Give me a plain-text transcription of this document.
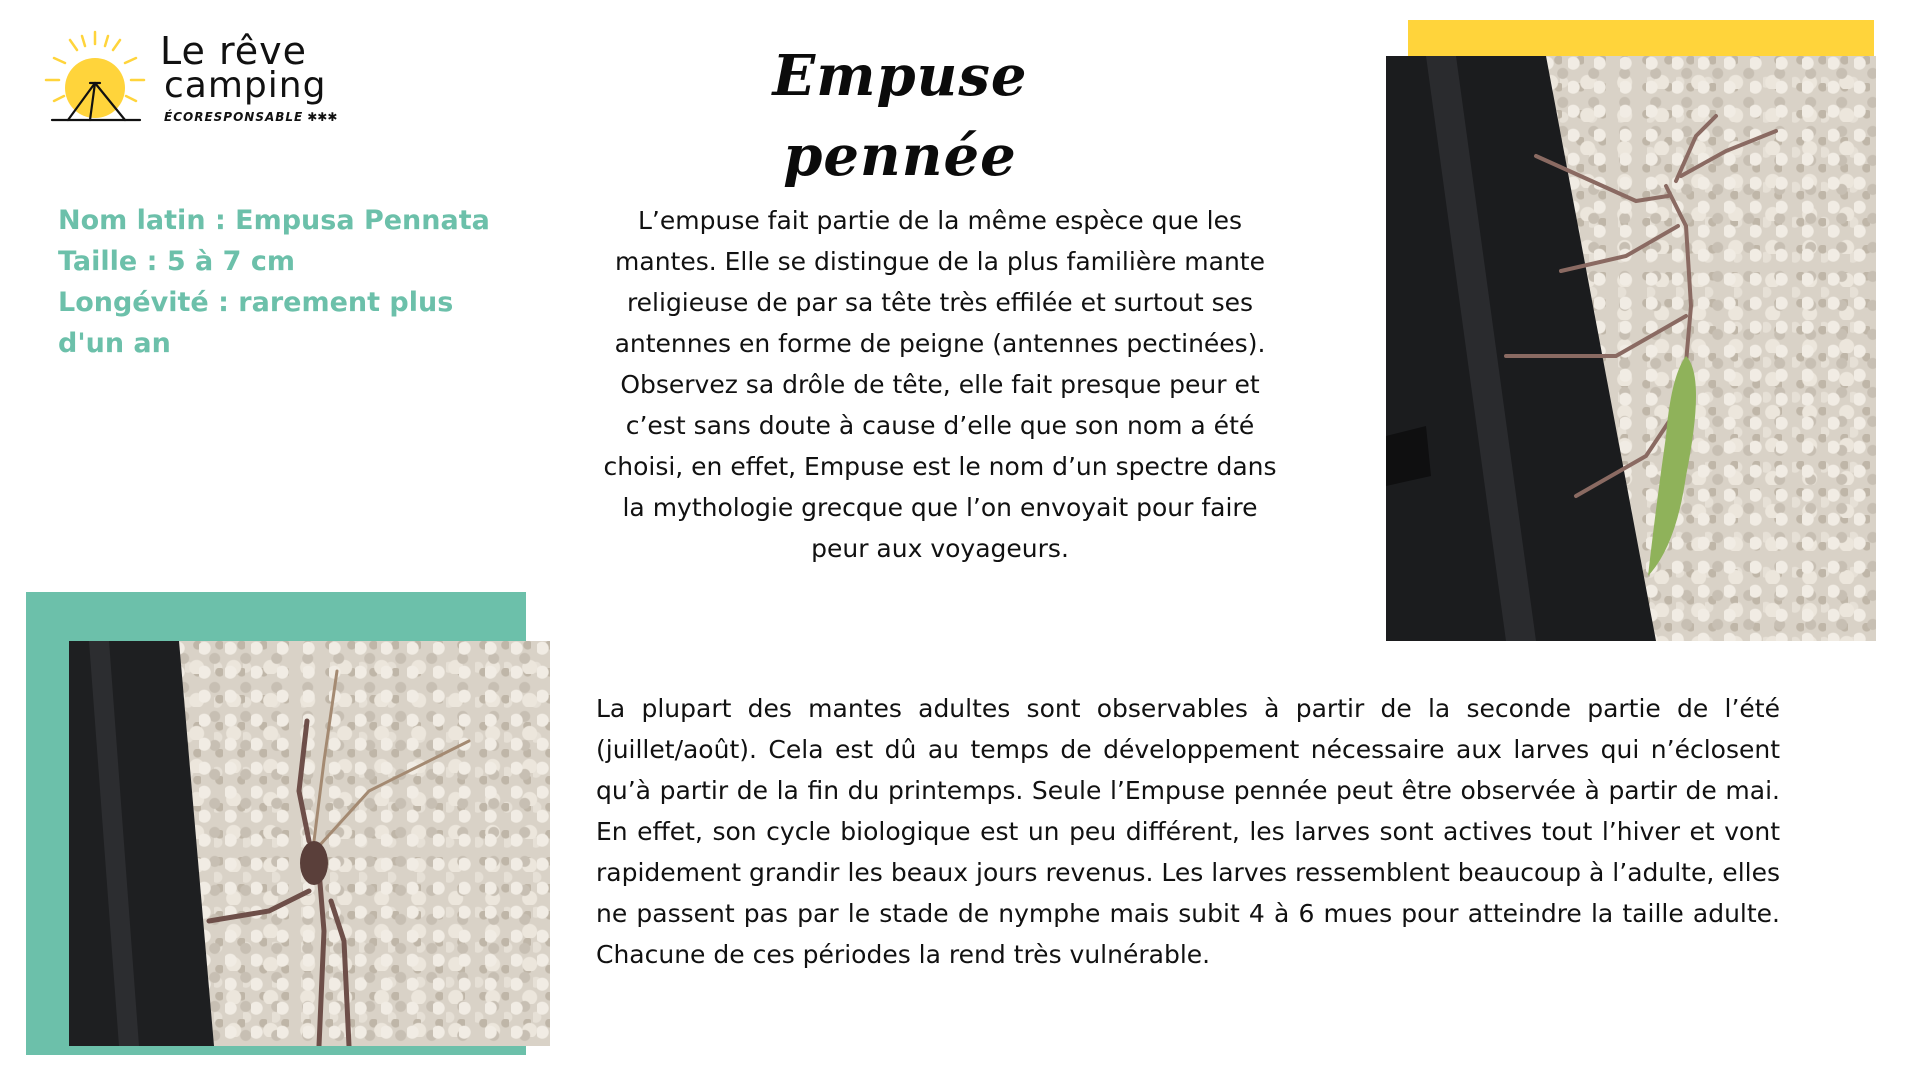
Le rêve
camping
ÉCORESPONSABLE ✱✱✱
Empuse pennée

Nom latin : Empusa Pennata

Taille : 5 à 7 cm

Longévité : rarement plus d'un an

L’empuse fait partie de la même espèce que les mantes. Elle se distingue de la plus familière mante religieuse de par sa tête très effilée et surtout ses antennes en forme de peigne (antennes pectinées). Observez sa drôle de tête, elle fait presque peur et c’est sans doute à cause d’elle que son nom a été choisi, en effet, Empuse est le nom d’un spectre dans la mythologie grecque que l’on envoyait pour faire peur aux voyageurs.

La plupart des mantes adultes sont observables à partir de la seconde partie de l’été (juillet/août). Cela est dû au temps de développement nécessaire aux larves qui n’éclosent qu’à partir de la fin du printemps. Seule l’Empuse pennée peut être observée à partir de mai. En effet, son cycle biologique est un peu différent, les larves sont actives tout l’hiver et vont rapidement grandir les beaux jours revenus. Les larves ressemblent beaucoup à l’adulte, elles ne passent pas par le stade de nymphe mais subit 4 à 6 mues pour atteindre la taille adulte. Chacune de ces périodes la rend très vulnérable.
